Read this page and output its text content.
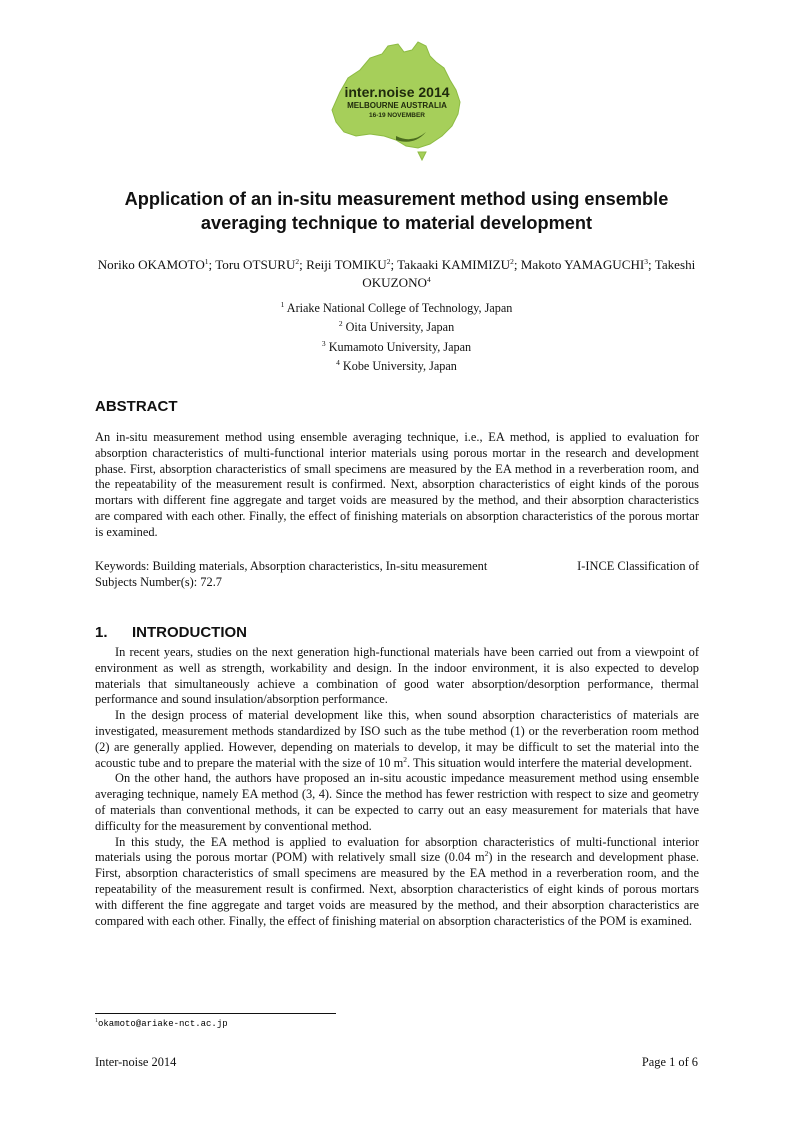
inter.noise 2014
MELBOURNE AUSTRALIA
16-19 NOVEMBER
Application of an in-situ measurement method using ensemble averaging technique to material development
Noriko OKAMOTO$^1$; Toru OTSURU$^2$; Reiji TOMIKU$^2$; Takaaki KAMIMIZU$^2$; Makoto YAMAGUCHI$^3$; Takeshi OKUZONO$^4$
$^1$ Ariake National College of Technology, Japan
$^2$ Oita University, Japan
$^3$ Kumamoto University, Japan
$^4$ Kobe University, Japan
ABSTRACT
An in-situ measurement method using ensemble averaging technique, i.e., EA method, is applied to evaluation for absorption characteristics of multi-functional interior materials using porous mortar in the research and development phase. First, absorption characteristics of small specimens are measured by the EA method in a reverberation room, and the repeatability of the measurement result is confirmed. Next, absorption characteristics of eight kinds of the porous mortars with different fine aggregate and target voids are measured by the method, and their absorption characteristics are compared with each other. Finally, the effect of finishing materials on absorption characteristics of the porous mortar is examined.
Keywords: Building materials, Absorption characteristics, In-situ measurement	I-INCE Classification of
Subjects Number(s): 72.7
1. INTRODUCTION

In recent years, studies on the next generation high-functional materials have been carried out from a viewpoint of environment as well as strength, workability and design. In the indoor environment, it is also expected to develop materials that simultaneously achieve a combination of good water absorption/desorption performance, thermal performance and sound insulation/absorption performance.

In the design process of material development like this, when sound absorption characteristics of materials are investigated, measurement methods standardized by ISO such as the tube method (1) or the reverberation room method (2) are generally applied. However, depending on materials to develop, it may be difficult to set the material into the acoustic tube and to prepare the material with the size of 10 $m^2$. This situation would interfere the material development.

On the other hand, the authors have proposed an in-situ acoustic impedance measurement method using ensemble averaging technique, namely EA method (3, 4). Since the method has fewer restriction with respect to size and geometry of materials than conventional methods, it can be expected to carry out an easy measurement for materials that have difficulty for the measurement by conventional method.

In this study, the EA method is applied to evaluation for absorption characteristics of multi-functional interior materials using the porous mortar (POM) with relatively small size (0.04 $m^2$) in the research and development phase. First, absorption characteristics of small specimens are measured by the EA method in a reverberation room, and the repeatability of the measurement result is confirmed. Next, absorption characteristics of eight kinds of porous mortars with different the fine aggregate and target voids are measured by the method, and their absorption characteristics are compared with each other. Finally, the effect of finishing material on absorption characteristics of the POM is examined.

$^1$okamoto@ariake-nct.ac.jp
Inter-noise 2014	Page 1 of 6
